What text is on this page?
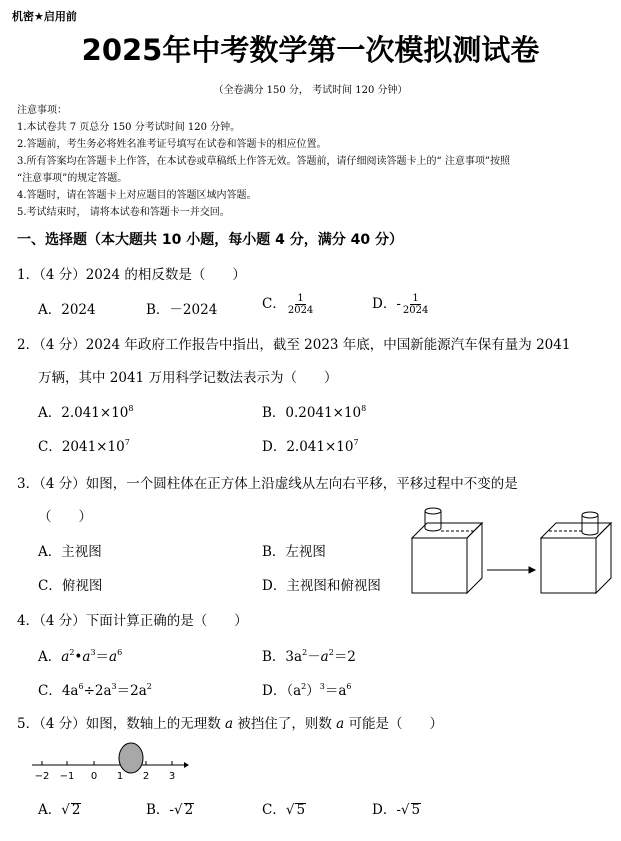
机密★启用前
2025年中考数学第一次模拟测试卷
（全卷满分 150 分， 考试时间 120 分钟）
注意事项：
1.本试卷共 7 页总分 150 分考试时间 120 分钟。
2.答题前，考生务必将姓名准考证号填写在试卷和答题卡的相应位置。
3.所有答案均在答题卡上作答，在本试卷或草稿纸上作答无效。答题前，请仔细阅读答题卡上的“ 注意事项”按照
“注意事项”的规定答题。
4.答题时，请在答题卡上对应题目的答题区域内答题。
5.考试结束时， 请将本试卷和答题卡一并交回。
一、选择题（本大题共 10 小题，每小题 4 分，满分 40 分）
1．（4 分）2024 的相反数是（　　）
A．2024	B．－2024	C． $\frac{1}{2024}$	D．- $\frac{1}{2024}$
2．（4 分）2024 年政府工作报告中指出，截至 2023 年底，中国新能源汽车保有量为 2041
万辆，其中 2041 万用科学记数法表示为（　　）
A．$2.041\times 10^8$	B．$0.2041\times 10^8$
C．$2041\times 10^7$	D．$2.041\times 10^7$
3．（4 分）如图，一个圆柱体在正方体上沿虚线从左向右平移，平移过程中不变的是
（　　）
A．主视图	B．左视图
C．俯视图	D．主视图和俯视图
4．（4 分）下面计算正确的是（　　）
A．$a^2•a^3=a^6$	B．$3a^2-a^2=2$
C．$4a^6\div 2a^3=2a^2$	D．$(a^2)^3=a^6$
5．（4 分）如图，数轴上的无理数 a 被挡住了，则数 a 可能是（　　）
−2 −1 0 1 2 3
A．√ 2	B．-√ 2	C．√ 5	D．-√ 5
